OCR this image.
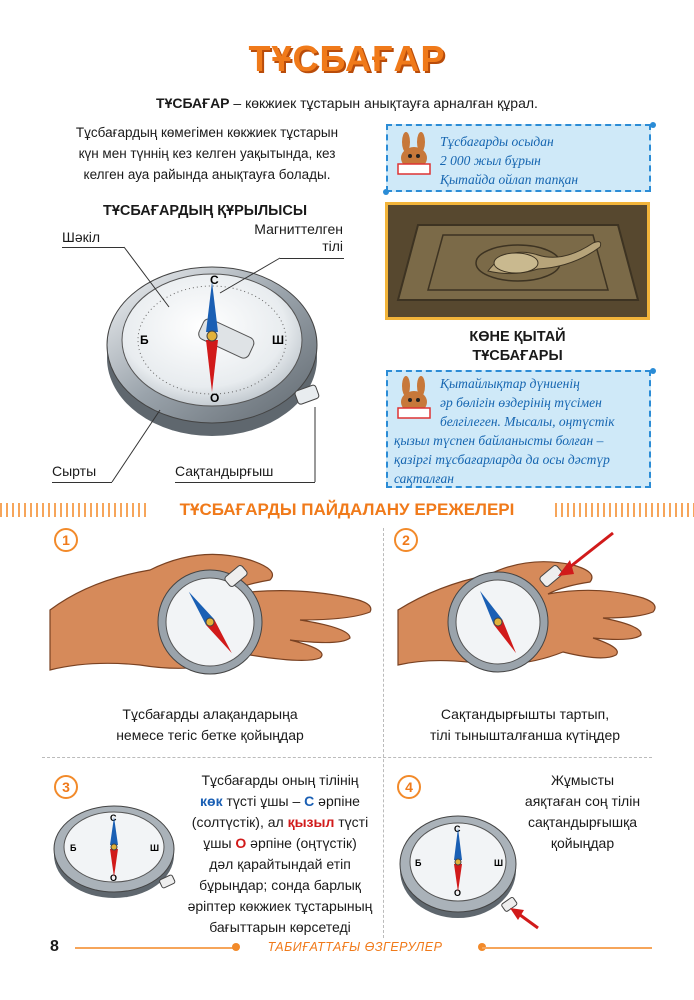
ТҰСБАҒАР
ТҰСБАҒАР – көкжиек тұстарын анықтауға арналған құрал.
Тұсбағардың көмегімен көкжиек тұстарын
күн мен түннің кез келген уақытында, кез
келген ауа райында анықтауға болады.
ТҰСБАҒАРДЫҢ ҚҰРЫЛЫСЫ
С
О
Б	Ш
Шәкіл	Магниттелген
тілі
Сырты	Сақтандырғыш
Тұсбағарды осыдан
2 000 жыл бұрын
Қытайда ойлап тапқан
КӨНЕ ҚЫТАЙ
ТҰСБАҒАРЫ
Қытайлықтар дүниенің
әр бөлігін өздерінің түсімен
белгілеген. Мысалы, оңтүстік
қызыл түспен байланысты болған –
қазіргі тұсбағарларда да осы дәстүр
сақталған
ТҰСБАҒАРДЫ ПАЙДАЛАНУ ЕРЕЖЕЛЕРІ
1
Тұсбағарды алақандарыңа
немесе тегіс бетке қойыңдар
2
Сақтандырғышты тартып,
тілі тынышталғанша күтіңдер
3
С
Б	Ш
О
Тұсбағарды оның тілінің
көк түсті ұшы – С әрпіне
(солтүстік), ал қызыл түсті
ұшы О әрпіне (оңтүстік)
дәл қарайтындай етіп
бұрыңдар; сонда барлық
әріптер көкжиек тұстарының
бағыттарын көрсетеді
4
С
Б	Ш
О
Жұмысты
аяқтаған соң тілін
сақтандырғышқа
қойыңдар
8	ТАБИҒАТТАҒЫ ӨЗГЕРУЛЕР
